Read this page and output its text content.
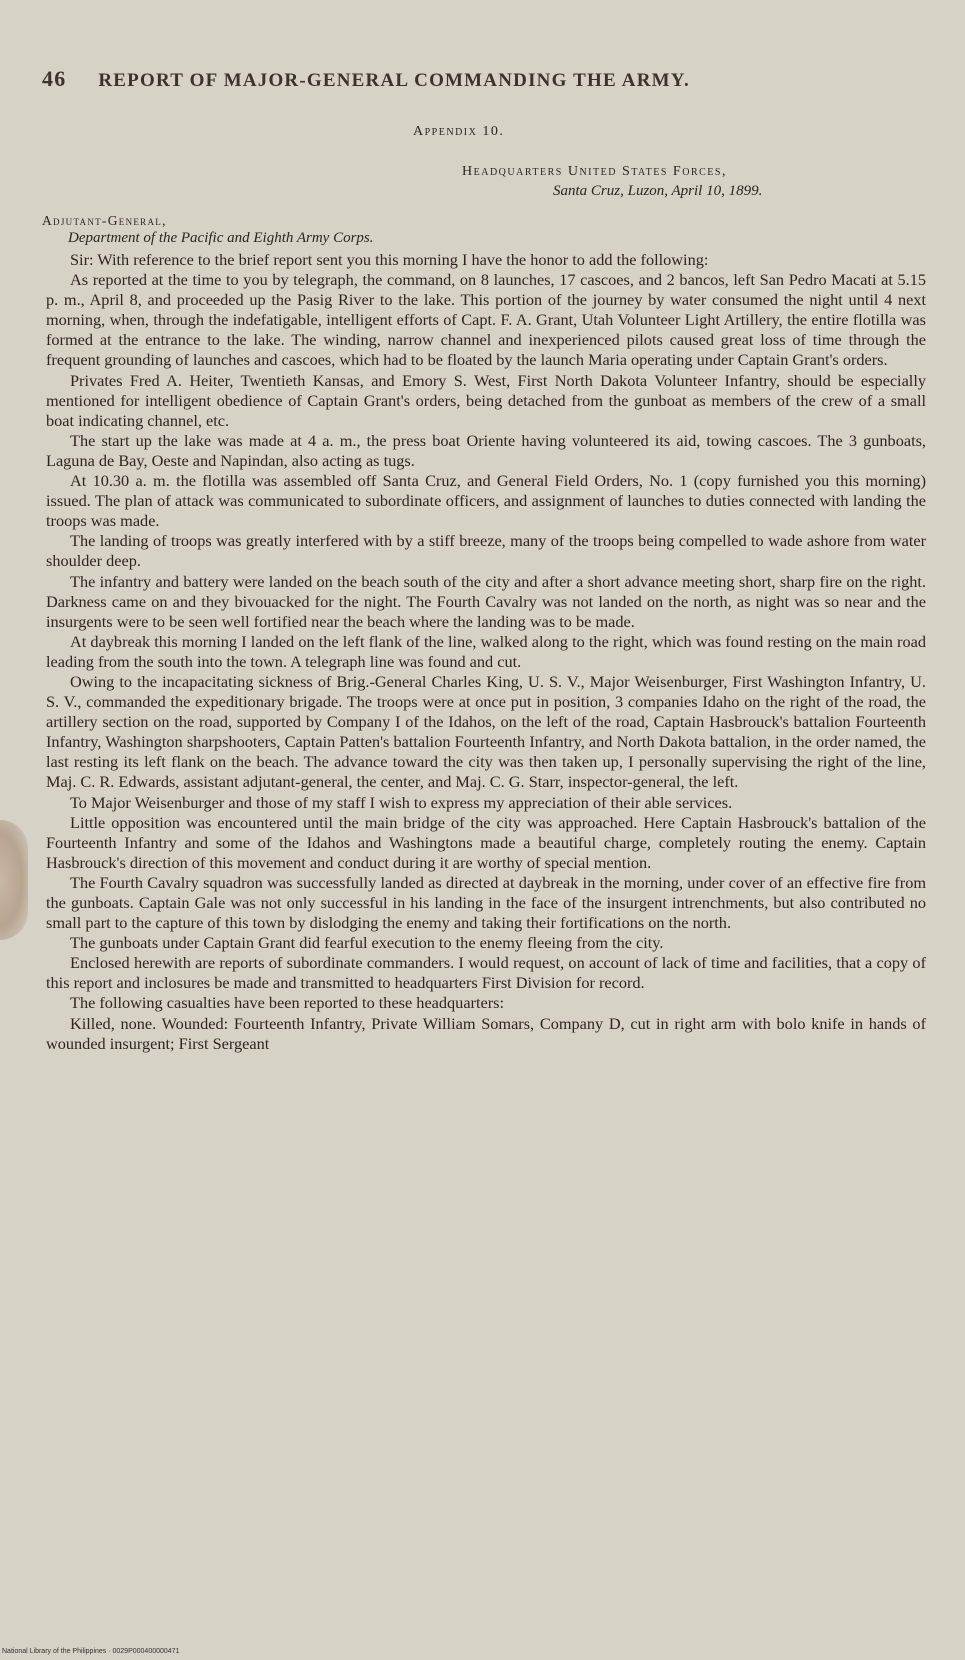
46 REPORT OF MAJOR-GENERAL COMMANDING THE ARMY.
Appendix 10.
Headquarters United States Forces,
Santa Cruz, Luzon, April 10, 1899.
Adjutant-General,
Department of the Pacific and Eighth Army Corps.

Sir: With reference to the brief report sent you this morning I have the honor to add the following:

As reported at the time to you by telegraph, the command, on 8 launches, 17 cascoes, and 2 bancos, left San Pedro Macati at 5.15 p. m., April 8, and proceeded up the Pasig River to the lake. This portion of the journey by water consumed the night until 4 next morning, when, through the indefatigable, intelligent efforts of Capt. F. A. Grant, Utah Volunteer Light Artillery, the entire flotilla was formed at the entrance to the lake. The winding, narrow channel and inexperienced pilots caused great loss of time through the frequent grounding of launches and cascoes, which had to be floated by the launch Maria operating under Captain Grant's orders.

Privates Fred A. Heiter, Twentieth Kansas, and Emory S. West, First North Dakota Volunteer Infantry, should be especially mentioned for intelligent obedience of Captain Grant's orders, being detached from the gunboat as members of the crew of a small boat indicating channel, etc.

The start up the lake was made at 4 a. m., the press boat Oriente having volunteered its aid, towing cascoes. The 3 gunboats, Laguna de Bay, Oeste and Napindan, also acting as tugs.

At 10.30 a. m. the flotilla was assembled off Santa Cruz, and General Field Orders, No. 1 (copy furnished you this morning) issued. The plan of attack was communicated to subordinate officers, and assignment of launches to duties connected with landing the troops was made.

The landing of troops was greatly interfered with by a stiff breeze, many of the troops being compelled to wade ashore from water shoulder deep.

The infantry and battery were landed on the beach south of the city and after a short advance meeting short, sharp fire on the right. Darkness came on and they bivouacked for the night. The Fourth Cavalry was not landed on the north, as night was so near and the insurgents were to be seen well fortified near the beach where the landing was to be made.

At daybreak this morning I landed on the left flank of the line, walked along to the right, which was found resting on the main road leading from the south into the town. A telegraph line was found and cut.

Owing to the incapacitating sickness of Brig.-General Charles King, U. S. V., Major Weisenburger, First Washington Infantry, U. S. V., commanded the expeditionary brigade. The troops were at once put in position, 3 companies Idaho on the right of the road, the artillery section on the road, supported by Company I of the Idahos, on the left of the road, Captain Hasbrouck's battalion Fourteenth Infantry, Washington sharpshooters, Captain Patten's battalion Fourteenth Infantry, and North Dakota battalion, in the order named, the last resting its left flank on the beach. The advance toward the city was then taken up, I personally supervising the right of the line, Maj. C. R. Edwards, assistant adjutant-general, the center, and Maj. C. G. Starr, inspector-general, the left.

To Major Weisenburger and those of my staff I wish to express my appreciation of their able services.

Little opposition was encountered until the main bridge of the city was approached. Here Captain Hasbrouck's battalion of the Fourteenth Infantry and some of the Idahos and Washingtons made a beautiful charge, completely routing the enemy. Captain Hasbrouck's direction of this movement and conduct during it are worthy of special mention.

The Fourth Cavalry squadron was successfully landed as directed at daybreak in the morning, under cover of an effective fire from the gunboats. Captain Gale was not only successful in his landing in the face of the insurgent intrenchments, but also contributed no small part to the capture of this town by dislodging the enemy and taking their fortifications on the north.

The gunboats under Captain Grant did fearful execution to the enemy fleeing from the city.

Enclosed herewith are reports of subordinate commanders. I would request, on account of lack of time and facilities, that a copy of this report and inclosures be made and transmitted to headquarters First Division for record.

The following casualties have been reported to these headquarters:

Killed, none. Wounded: Fourteenth Infantry, Private William Somars, Company D, cut in right arm with bolo knife in hands of wounded insurgent; First Sergeant

National Library of the Philippines · 0029P000400000471
